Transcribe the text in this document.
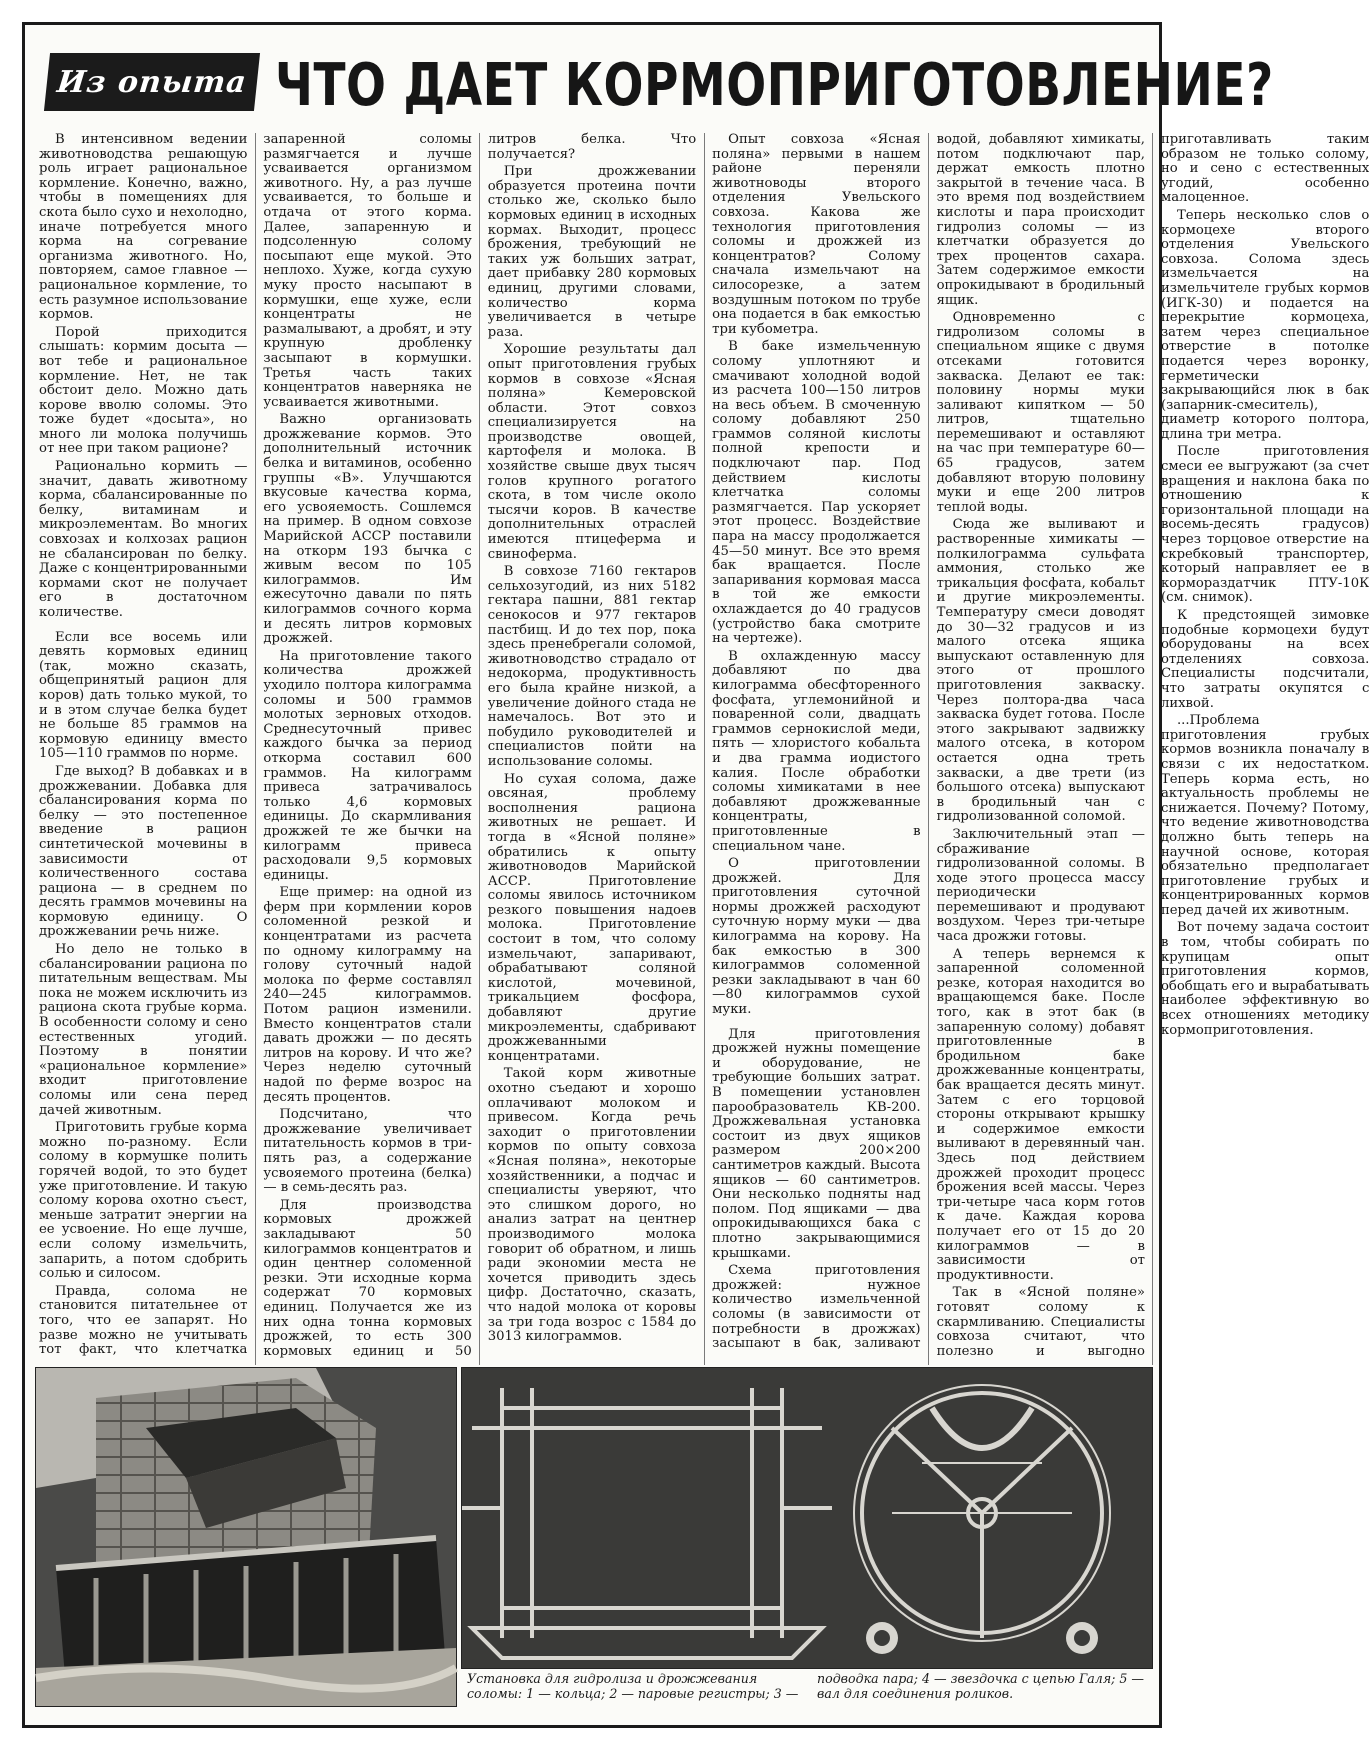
Из опыта ЧТО ДАЕТ КОРМОПРИГОТОВЛЕНИЕ?

В интенсивном ведении животноводства решающую роль играет рациональное кормление. Конечно, важно, чтобы в помещениях для скота было сухо и нехолодно, иначе потребуется много корма на согревание организма животного. Но, повторяем, самое главное — рациональное кормление, то есть разумное использование кормов.

Порой приходится слышать: кормим досыта — вот тебе и рациональное кормление. Нет, не так обстоит дело. Можно дать корове вволю соломы. Это тоже будет «досыта», но много ли молока получишь от нее при таком рационе?

Рационально кормить — значит, давать животному корма, сбалансированные по белку, витаминам и микроэлементам. Во многих совхозах и колхозах рацион не сбалансирован по белку. Даже с концентрированными кормами скот не получает его в достаточном количестве.

Если все восемь или девять кормовых единиц (так, можно сказать, общепринятый рацион для коров) дать только мукой, то и в этом случае белка будет не больше 85 граммов на кормовую единицу вместо 105—110 граммов по норме.

Где выход? В добавках и в дрожжевании. Добавка для сбалансирования корма по белку — это постепенное введение в рацион синтетической мочевины в зависимости от количественного состава рациона — в среднем по десять граммов мочевины на кормовую единицу. О дрожжевании речь ниже.

Но дело не только в сбалансировании рациона по питательным веществам. Мы пока не можем исключить из рациона скота грубые корма. В особенности солому и сено естественных угодий. Поэтому в понятии «рациональное кормление» входит приготовление соломы или сена перед дачей животным.

Приготовить грубые корма можно по-разному. Если солому в кормушке полить горячей водой, то это будет уже приготовление. И такую солому корова охотно съест, меньше затратит энергии на ее усвоение. Но еще лучше, если солому измельчить, запарить, а потом сдобрить солью и силосом.

Правда, солома не становится питательнее от того, что ее запарят. Но разве можно не учитывать тот факт, что клетчатка запаренной соломы размягчается и лучше усваивается организмом животного. Ну, а раз лучше усваивается, то больше и отдача от этого корма. Далее, запаренную и подсоленную солому посыпают еще мукой. Это неплохо. Хуже, когда сухую муку просто насыпают в кормушки, еще хуже, если концентраты не размалывают, а дробят, и эту крупную дробленку засыпают в кормушки. Третья часть таких концентратов наверняка не усваивается животными.

Важно организовать дрожжевание кормов. Это дополнительный источник белка и витаминов, особенно группы «В». Улучшаются вкусовые качества корма, его усвояемость. Сошлемся на пример. В одном совхозе Марийской АССР поставили на откорм 193 бычка с живым весом по 105 килограммов. Им ежесуточно давали по пять килограммов сочного корма и десять литров кормовых дрожжей.

На приготовление такого количества дрожжей уходило полтора килограмма соломы и 500 граммов молотых зерновых отходов. Среднесуточный привес каждого бычка за период откорма составил 600 граммов. На килограмм привеса затрачивалось только 4,6 кормовых единицы. До скармливания дрожжей те же бычки на килограмм привеса расходовали 9,5 кормовых единицы.

Еще пример: на одной из ферм при кормлении коров соломенной резкой и концентратами из расчета по одному килограмму на голову суточный надой молока по ферме составлял 240—245 килограммов. Потом рацион изменили. Вместо концентратов стали давать дрожжи — по десять литров на корову. И что же? Через неделю суточный надой по ферме возрос на десять процентов.

Подсчитано, что дрожжевание увеличивает питательность кормов в три-пять раз, а содержание усвояемого протеина (белка) — в семь-десять раз.

Для производства кормовых дрожжей закладывают 50 килограммов концентратов и один центнер соломенной резки. Эти исходные корма содержат 70 кормовых единиц. Получается же из них одна тонна кормовых дрожжей, то есть 300 кормовых единиц и 50 литров белка. Что получается?

При дрожжевании образуется протеина почти столько же, сколько было кормовых единиц в исходных кормах. Выходит, процесс брожения, требующий не таких уж больших затрат, дает прибавку 280 кормовых единиц, другими словами, количество корма увеличивается в четыре раза.

Хорошие результаты дал опыт приготовления грубых кормов в совхозе «Ясная поляна» Кемеровской области. Этот совхоз специализируется на производстве овощей, картофеля и молока. В хозяйстве свыше двух тысяч голов крупного рогатого скота, в том числе около тысячи коров. В качестве дополнительных отраслей имеются птицеферма и свиноферма.

В совхозе 7160 гектаров сельхозугодий, из них 5182 гектара пашни, 881 гектар сенокосов и 977 гектаров пастбищ. И до тех пор, пока здесь пренебрегали соломой, животноводство страдало от недокорма, продуктивность его была крайне низкой, а увеличение дойного стада не намечалось. Вот это и побудило руководителей и специалистов пойти на использование соломы.

Но сухая солома, даже овсяная, проблему восполнения рациона животных не решает. И тогда в «Ясной поляне» обратились к опыту животноводов Марийской АССР. Приготовление соломы явилось источником резкого повышения надоев молока. Приготовление состоит в том, что солому измельчают, запаривают, обрабатывают соляной кислотой, мочевиной, трикальцием фосфора, добавляют другие микроэлементы, сдабривают дрожжеванными концентратами.

Такой корм животные охотно съедают и хорошо оплачивают молоком и привесом. Когда речь заходит о приготовлении кормов по опыту совхоза «Ясная поляна», некоторые хозяйственники, а подчас и специалисты уверяют, что это слишком дорого, но анализ затрат на центнер производимого молока говорит об обратном, и лишь ради экономии места не хочется приводить здесь цифр. Достаточно, сказать, что надой молока от коровы за три года возрос с 1584 до 3013 килограммов.

Опыт совхоза «Ясная поляна» первыми в нашем районе переняли животноводы второго отделения Увельского совхоза. Какова же технология приготовления соломы и дрожжей из концентратов? Солому сначала измельчают на силосорезке, а затем воздушным потоком по трубе она подается в бак емкостью три кубометра.

В баке измельченную солому уплотняют и смачивают холодной водой из расчета 100—150 литров на весь объем. В смоченную солому добавляют 250 граммов соляной кислоты полной крепости и подключают пар. Под действием кислоты клетчатка соломы размягчается. Пар ускоряет этот процесс. Воздействие пара на массу продолжается 45—50 минут. Все это время бак вращается. После запаривания кормовая масса в той же емкости охлаждается до 40 градусов (устройство бака смотрите на чертеже).

В охлажденную массу добавляют по два килограмма обесфторенного фосфата, углемонийной и поваренной соли, двадцать граммов сернокислой меди, пять — хлористого кобальта и два грамма иодистого калия. После обработки соломы химикатами в нее добавляют дрожжеванные концентраты, приготовленные в специальном чане.

О приготовлении дрожжей. Для приготовления суточной нормы дрожжей расходуют суточную норму муки — два килограмма на корову. На бак емкостью в 300 килограммов соломенной резки закладывают в чан 60—80 килограммов сухой муки.

Для приготовления дрожжей нужны помещение и оборудование, не требующие больших затрат. В помещении установлен парообразователь КВ-200. Дрожжевальная установка состоит из двух ящиков размером 200×200 сантиметров каждый. Высота ящиков — 60 сантиметров. Они несколько подняты над полом. Под ящиками — два опрокидывающихся бака с плотно закрывающимися крышками.

Схема приготовления дрожжей: нужное количество измельченной соломы (в зависимости от потребности в дрожжах) засыпают в бак, заливают водой, добавляют химикаты, потом подключают пар, держат емкость плотно закрытой в течение часа. В это время под воздействием кислоты и пара происходит гидролиз соломы — из клетчатки образуется до трех процентов сахара. Затем содержимое емкости опрокидывают в бродильный ящик.

Одновременно с гидролизом соломы в специальном ящике с двумя отсеками готовится закваска. Делают ее так: половину нормы муки заливают кипятком — 50 литров, тщательно перемешивают и оставляют на час при температуре 60—65 градусов, затем добавляют вторую половину муки и еще 200 литров теплой воды.

Сюда же выливают и растворенные химикаты — полкилограмма сульфата аммония, столько же трикальция фосфата, кобальт и другие микроэлементы. Температуру смеси доводят до 30—32 градусов и из малого отсека ящика выпускают оставленную для этого от прошлого приготовления закваску. Через полтора-два часа закваска будет готова. После этого закрывают задвижку малого отсека, в котором остается одна треть закваски, а две трети (из большого отсека) выпускают в бродильный чан с гидролизованной соломой.

Заключительный этап — сбраживание гидролизованной соломы. В ходе этого процесса массу периодически перемешивают и продувают воздухом. Через три-четыре часа дрожжи готовы.

А теперь вернемся к запаренной соломенной резке, которая находится во вращающемся баке. После того, как в этот бак (в запаренную солому) добавят приготовленные в бродильном баке дрожжеванные концентраты, бак вращается десять минут. Затем с его торцовой стороны открывают крышку и содержимое емкости выливают в деревянный чан. Здесь под действием дрожжей проходит процесс брожения всей массы. Через три-четыре часа корм готов к даче. Каждая корова получает его от 15 до 20 килограммов — в зависимости от продуктивности.

Так в «Ясной поляне» готовят солому к скармливанию. Специалисты совхоза считают, что полезно и выгодно приготавливать таким образом не только солому, но и сено с естественных угодий, особенно малоценное.

Теперь несколько слов о кормоцехе второго отделения Увельского совхоза. Солома здесь измельчается на измельчителе грубых кормов (ИГК-30) и подается на перекрытие кормоцеха, затем через специальное отверстие в потолке подается через воронку, герметически закрывающийся люк в бак (запарник-смеситель), диаметр которого полтора, длина три метра.

После приготовления смеси ее выгружают (за счет вращения и наклона бака по отношению к горизонтальной площади на восемь-десять градусов) через торцовое отверстие на скребковый транспортер, который направляет ее в кормораздатчик ПТУ-10К (см. снимок).

К предстоящей зимовке подобные кормоцехи будут оборудованы на всех отделениях совхоза. Специалисты подсчитали, что затраты окупятся с лихвой.

...Проблема приготовления грубых кормов возникла поначалу в связи с их недостатком. Теперь корма есть, но актуальность проблемы не снижается. Почему? Потому, что ведение животноводства должно быть теперь на научной основе, которая обязательно предполагает приготовление грубых и концентрированных кормов перед дачей их животным.

Вот почему задача состоит в том, чтобы собирать по крупицам опыт приготовления кормов, обобщать его и вырабатывать наиболее эффективную во всех отношениях методику кормоприготовления.

Установка для гидролиза и дрожжевания соломы: 1 — кольца; 2 — паровые регистры; 3 — подводка пара; 4 — звездочка с цепью Галя; 5 — вал для соединения роликов.
